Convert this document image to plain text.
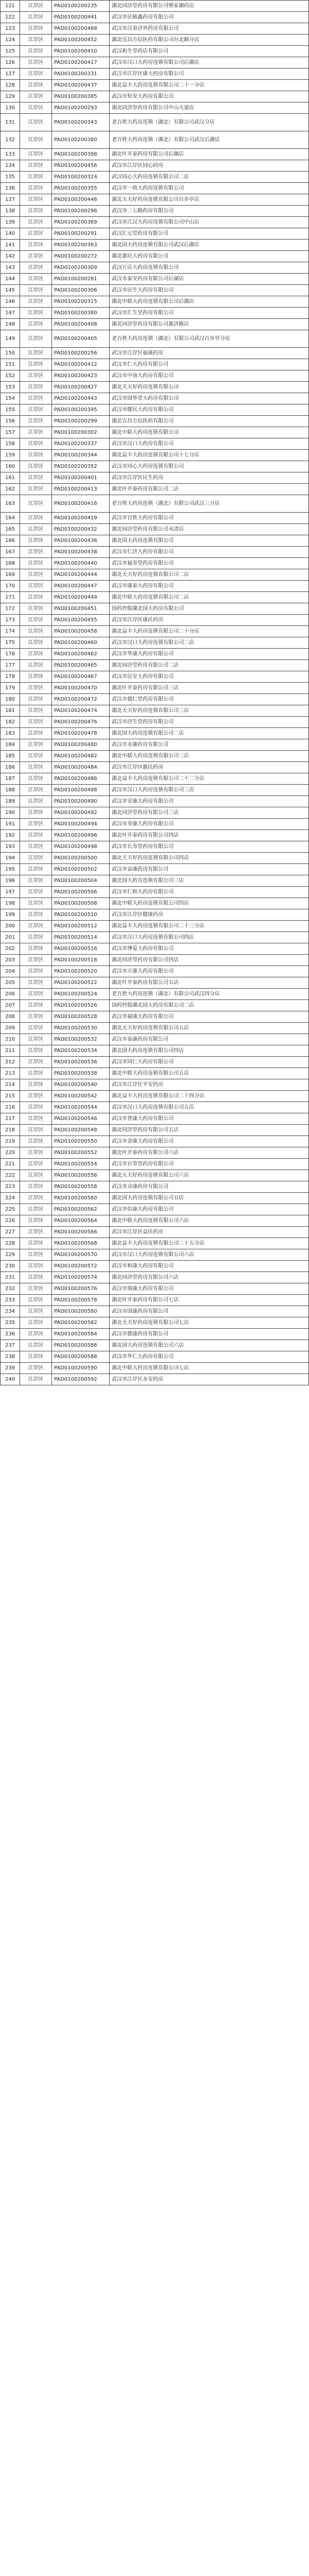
121	江岸区	PAD0100200235	湖北同济堂药房有限公司蔡家湖药店
122	江岸区	PAD0100200441	武汉市民桢鑫药房有限公司
123	江岸区	PAD0100200468	武汉市汉春济世药房有限公司
124	江岸区	PAD0100200452	湖北宜昌方信医药有限公司台北路分店
125	江岸区	PAD0100200410	武汉和生堂药店有限公司
126	江岸区	PAD0100200417	武汉市汉口大药房连锁有限公司后湖店
127	江岸区	PAD0100200331	武汉市江岸区康大药房有限公司
128	江岸区	PAD0100200437	湖北益丰大药房连锁有限公司二十一分店
129	江岸区	PAD0100200385	武汉市恒安大药房有限公司
130	江岸区	PAD0100200293	湖北同济堂药房有限公司中山大道店
131	江岸区	PAD0100200343	老百姓大药房连锁（湖北）有限公司武汉分店
132	江岸区	PAD0100200380	老百姓大药房连锁（湖北）有限公司武汉后湖店
133	江岸区	PAD0100200398	湖北叶开泰药房有限公司后湖店
134	江岸区	PAD0100200456	武汉市江岸区同心药房
135	江岸区	PAD0100200324	武汉同心大药房连锁有限公司二店
136	江岸区	PAD0100200355	武汉市一致大药房连锁有限公司
137	江岸区	PAD0100200446	湖北天天好药房连锁有限公司百步亭店
138	江岸区	PAD0100200296	武汉市二七路药房有限公司
139	江岸区	PAD0100200369	武汉市江汉大药房连锁有限公司中山店
140	江岸区	PAD0100200291	武汉汇元堂药房有限公司
141	江岸区	PAD0100200363	湖北国大药房连锁有限公司武汉后湖店
142	江岸区	PAD0100200272	湖北惠民大药房有限公司
143	江岸区	PAD0100200309	武汉万店大药房连锁有限公司
144	江岸区	PAD0100200281	武汉市泰安药房有限公司后湖店
145	江岸区	PAD0100200306	武汉市民生大药房有限公司
146	江岸区	PAD0100200315	湖北中联大药房连锁有限公司后湖店
147	江岸区	PAD0100200380	武汉市汇生堂药房有限公司
148	江岸区	PAD0100200408	湖北同济堂药房有限公司惠济路店
149	江岸区	PAD0100200405	老百姓大药房连锁（湖北）有限公司武汉百步亭分店
150	江岸区	PAD0100200256	武汉市江岸区福康药房
151	江岸区	PAD0100200412	武汉市仁大药房有限公司
152	江岸区	PAD0100200423	武汉市中南大药房有限公司
153	江岸区	PAD0100200427	湖北天天好药房连锁有限公司
154	江岸区	PAD0100200443	武汉市国华堂大药房有限公司
155	江岸区	PAD0100200395	武汉市健民大药房有限公司
156	江岸区	PAD0100200299	湖北宜昌方信医药有限公司
157	江岸区	PAD0100200302	湖北中联大药房连锁有限公司
158	江岸区	PAD0100200337	武汉市汉口大药房有限公司
159	江岸区	PAD0100200344	湖北益丰大药房连锁有限公司十七分店
160	江岸区	PAD0100200352	武汉市同心大药房连锁有限公司
161	江岸区	PAD0100200401	武汉市江岸区民生药房
162	江岸区	PAD0100200413	湖北叶开泰药房有限公司二店
163	江岸区	PAD0100200416	老百姓大药房连锁（湖北）有限公司武汉三分店
164	江岸区	PAD0100200419	武汉市百姓大药房有限公司
165	江岸区	PAD0100200432	湖北同济堂药房有限公司永清店
166	江岸区	PAD0100200436	湖北国大药房连锁有限公司
167	江岸区	PAD0100200438	武汉市仁济大药房有限公司
168	江岸区	PAD0100200440	武汉市福寿堂药房有限公司
169	江岸区	PAD0100200444	湖北天天好药房连锁有限公司二店
170	江岸区	PAD0100200447	武汉市康泰大药房有限公司
171	江岸区	PAD0100200449	湖北中联大药房连锁有限公司二店
172	江岸区	PAD0100200451	国药控股湖北国大药房有限公司
173	江岸区	PAD0100200455	武汉市江岸区康民药房
174	江岸区	PAD0100200458	湖北益丰大药房连锁有限公司二十分店
175	江岸区	PAD0100200460	武汉市汉口大药房连锁有限公司二店
176	江岸区	PAD0100200462	武汉市华康大药房有限公司
177	江岸区	PAD0100200465	湖北同济堂药房有限公司二店
178	江岸区	PAD0100200467	武汉市民安大药房有限公司
179	江岸区	PAD0100200470	湖北叶开泰药房有限公司三店
180	江岸区	PAD0100200472	武汉市德仁堂药房有限公司
181	江岸区	PAD0100200474	湖北天天好药房连锁有限公司三店
182	江岸区	PAD0100200476	武汉市济生堂药房有限公司
183	江岸区	PAD0100200478	湖北国大药房连锁有限公司二店
184	江岸区	PAD0100200480	武汉市永康药房有限公司
185	江岸区	PAD0100200482	湖北中联大药房连锁有限公司三店
186	江岸区	PAD0100200484	武汉市江岸区惠民药房
187	江岸区	PAD0100200486	湖北益丰大药房连锁有限公司二十二分店
188	江岸区	PAD0100200488	武汉市汉口大药房连锁有限公司三店
189	江岸区	PAD0100200490	武汉市安康大药房有限公司
190	江岸区	PAD0100200492	湖北同济堂药房有限公司三店
191	江岸区	PAD0100200494	武汉市寿康大药房有限公司
192	江岸区	PAD0100200496	湖北叶开泰药房有限公司四店
193	江岸区	PAD0100200498	武汉市长寿堂药房有限公司
194	江岸区	PAD0100200500	湖北天天好药房连锁有限公司四店
195	江岸区	PAD0100200502	武汉市益康药房有限公司
196	江岸区	PAD0100200504	湖北国大药房连锁有限公司三店
197	江岸区	PAD0100200506	武汉市仁和大药房有限公司
198	江岸区	PAD0100200508	湖北中联大药房连锁有限公司四店
199	江岸区	PAD0100200510	武汉市江岸区健康药房
200	江岸区	PAD0100200512	湖北益丰大药房连锁有限公司二十三分店
201	江岸区	PAD0100200514	武汉市汉口大药房连锁有限公司四店
202	江岸区	PAD0100200516	武汉市博爱大药房有限公司
203	江岸区	PAD0100200518	湖北同济堂药房有限公司四店
204	江岸区	PAD0100200520	武汉市万康大药房有限公司
205	江岸区	PAD0100200522	湖北叶开泰药房有限公司五店
206	江岸区	PAD0100200524	老百姓大药房连锁（湖北）有限公司武汉四分店
207	江岸区	PAD0100200526	国药控股湖北国大药房有限公司二店
208	江岸区	PAD0100200528	武汉市福康大药房有限公司
209	江岸区	PAD0100200530	湖北天天好药房连锁有限公司五店
210	江岸区	PAD0100200532	武汉市泰康药房有限公司
211	江岸区	PAD0100200534	湖北国大药房连锁有限公司四店
212	江岸区	PAD0100200536	武汉市同仁大药房有限公司
213	江岸区	PAD0100200538	湖北中联大药房连锁有限公司五店
214	江岸区	PAD0100200540	武汉市江岸区平安药房
215	江岸区	PAD0100200542	湖北益丰大药房连锁有限公司二十四分店
216	江岸区	PAD0100200544	武汉市汉口大药房连锁有限公司五店
217	江岸区	PAD0100200546	武汉市普康大药房有限公司
218	江岸区	PAD0100200548	湖北同济堂药房有限公司五店
219	江岸区	PAD0100200550	武汉市金康大药房有限公司
220	江岸区	PAD0100200552	湖北叶开泰药房有限公司六店
221	江岸区	PAD0100200554	武汉市百草堂药房有限公司
222	江岸区	PAD0100200556	湖北天天好药房连锁有限公司六店
223	江岸区	PAD0100200558	武汉市众康药房有限公司
224	江岸区	PAD0100200560	湖北国大药房连锁有限公司五店
225	江岸区	PAD0100200562	武汉市信康大药房有限公司
226	江岸区	PAD0100200564	湖北中联大药房连锁有限公司六店
227	江岸区	PAD0100200566	武汉市江岸区益民药房
228	江岸区	PAD0100200568	湖北益丰大药房连锁有限公司二十五分店
229	江岸区	PAD0100200570	武汉市汉口大药房连锁有限公司六店
230	江岸区	PAD0100200572	武汉市和康大药房有限公司
231	江岸区	PAD0100200574	湖北同济堂药房有限公司六店
232	江岸区	PAD0100200576	武汉市瑞康大药房有限公司
233	江岸区	PAD0100200578	湖北叶开泰药房有限公司七店
234	江岸区	PAD0100200580	武汉市国康药房有限公司
235	江岸区	PAD0100200582	湖北天天好药房连锁有限公司七店
236	江岸区	PAD0100200584	武汉市德康药房有限公司
237	江岸区	PAD0100200586	湖北国大药房连锁有限公司六店
238	江岸区	PAD0100200588	武汉市华仁大药房有限公司
239	江岸区	PAD0100200590	湖北中联大药房连锁有限公司七店
240	江岸区	PAD0100200592	武汉市江岸区永安药房
